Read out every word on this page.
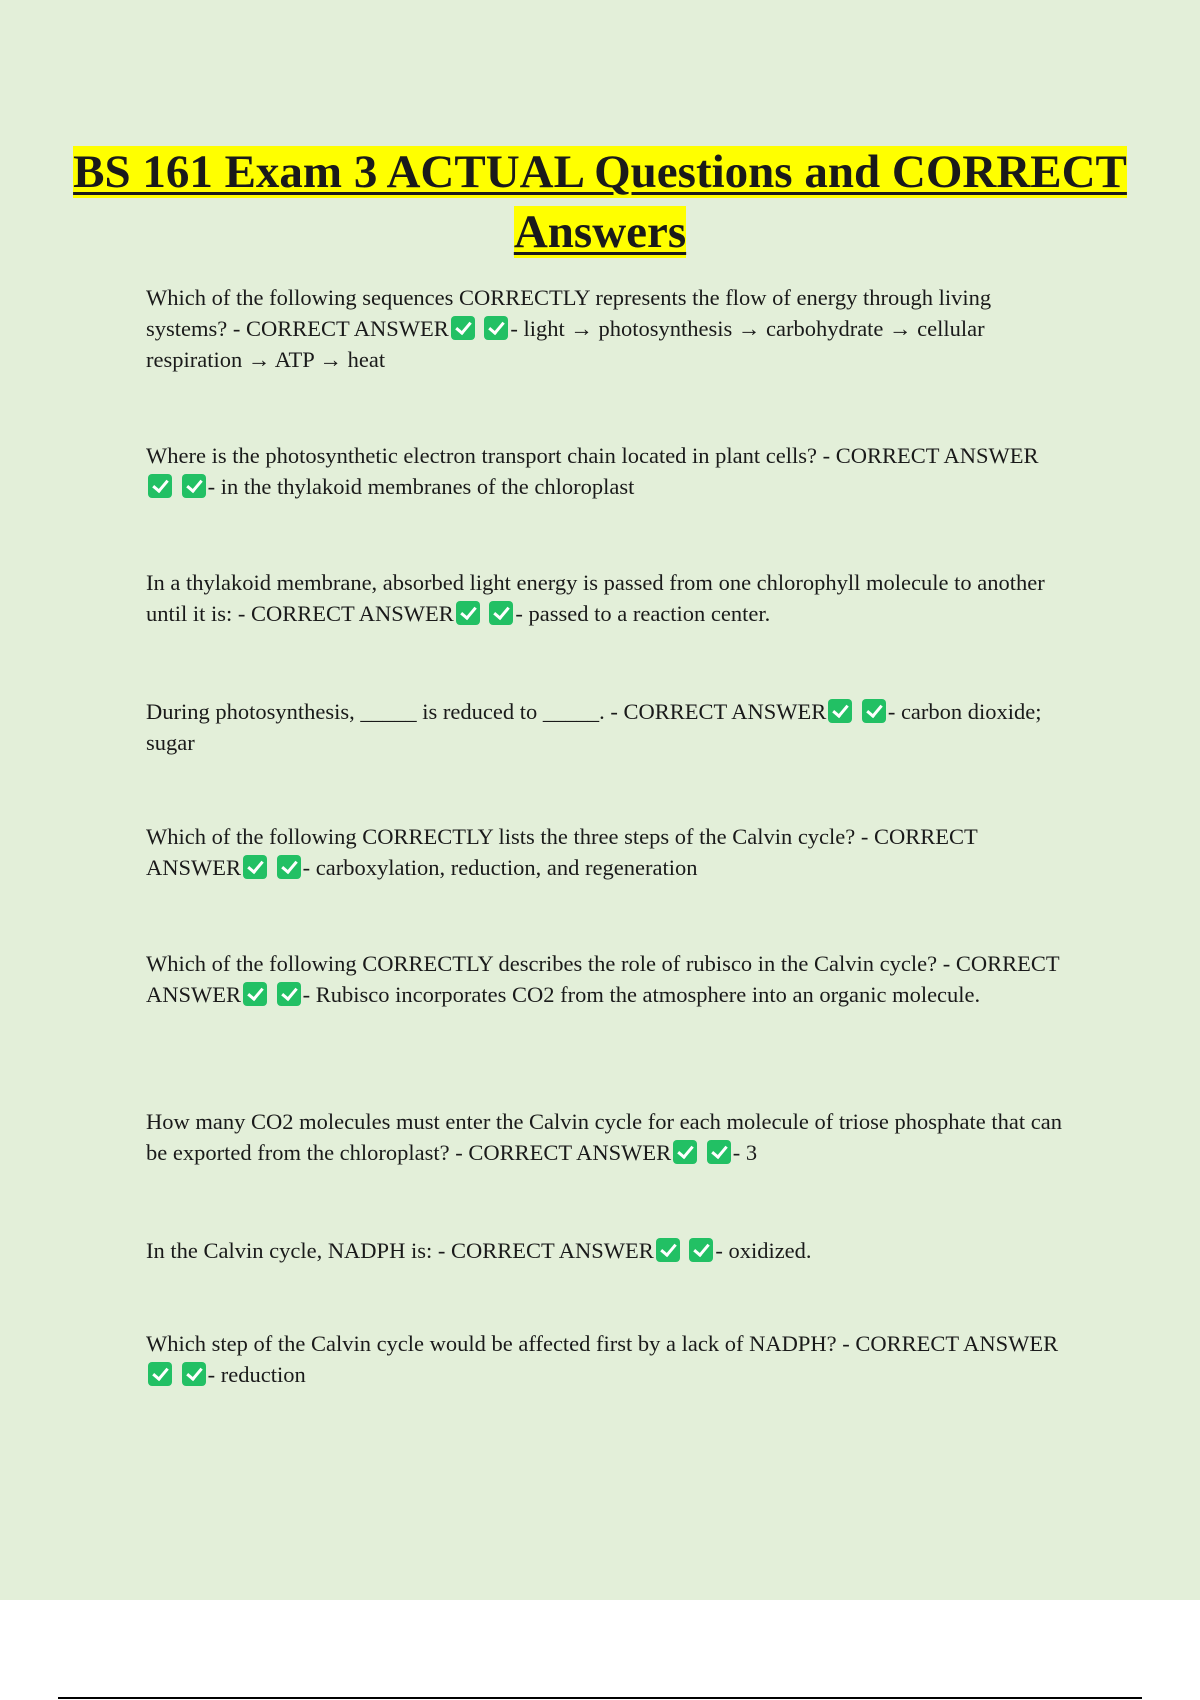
BS 161 Exam 3 ACTUAL Questions and CORRECT Answers
Which of the following sequences CORRECTLY represents the flow of energy through living systems? - CORRECT ANSWER	- light → photosynthesis → carbohydrate → cellular respiration → ATP → heat
Where is the photosynthetic electron transport chain located in plant cells? - CORRECT ANSWER - in the thylakoid membranes of the chloroplast
In a thylakoid membrane, absorbed light energy is passed from one chlorophyll molecule to another until it is: - CORRECT ANSWER	- passed to a reaction center.
During photosynthesis, _____ is reduced to _____. - CORRECT ANSWER	- carbon dioxide; sugar
Which of the following CORRECTLY lists the three steps of the Calvin cycle? - CORRECT ANSWER	- carboxylation, reduction, and regeneration
Which of the following CORRECTLY describes the role of rubisco in the Calvin cycle? - CORRECT ANSWER	- Rubisco incorporates CO2 from the atmosphere into an organic molecule.
How many CO2 molecules must enter the Calvin cycle for each molecule of triose phosphate that can be exported from the chloroplast? - CORRECT ANSWER	- 3
In the Calvin cycle, NADPH is: - CORRECT ANSWER	- oxidized.
Which step of the Calvin cycle would be affected first by a lack of NADPH? - CORRECT ANSWER - reduction
